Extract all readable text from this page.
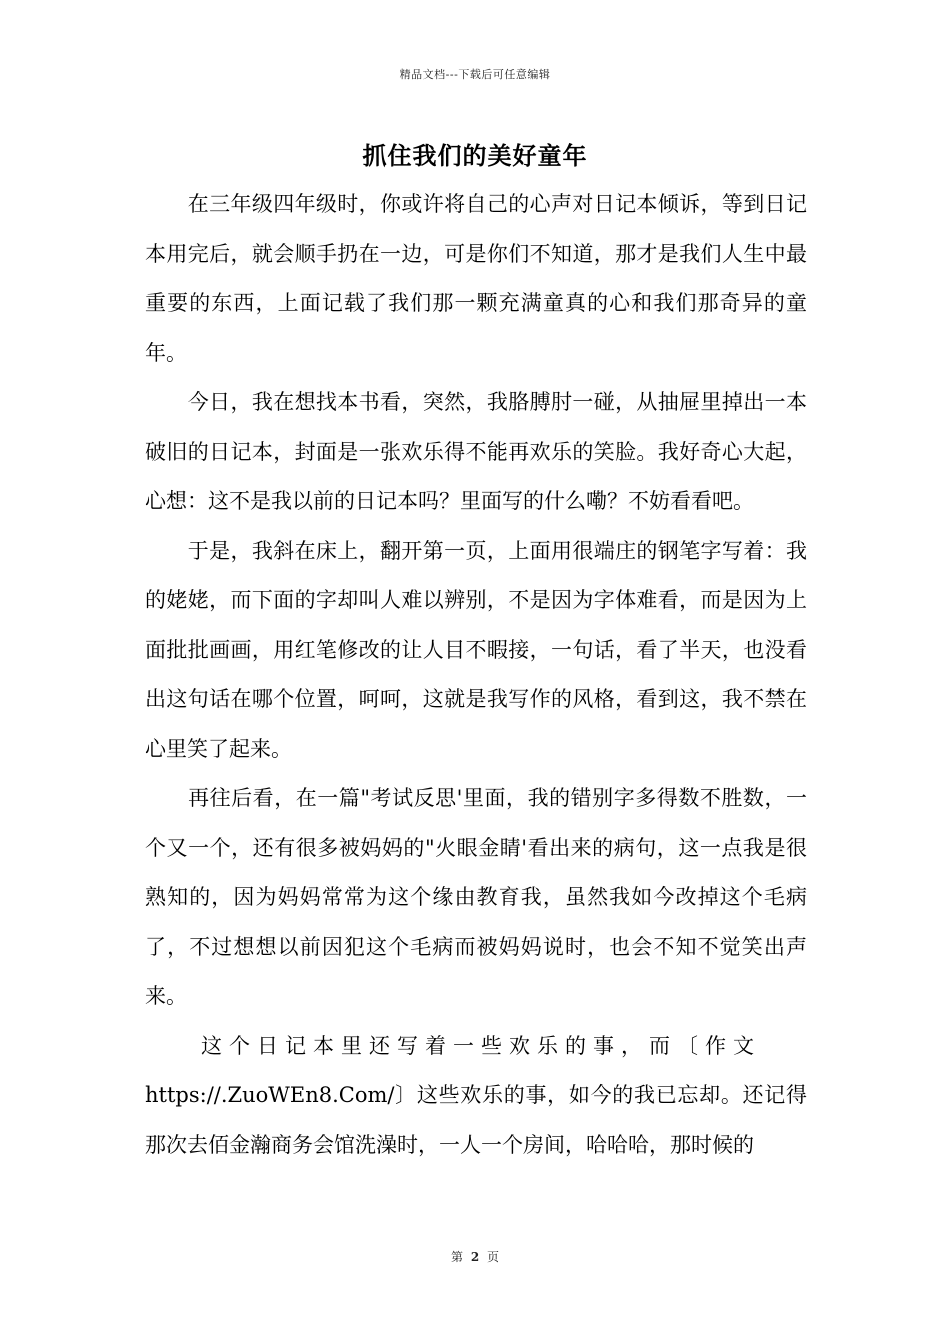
精品文档---下载后可任意编辑
抓住我们的美好童年

　　在三年级四年级时，你或许将自己的心声对日记本倾诉，等到日记本用完后，就会顺手扔在一边，可是你们不知道，那才是我们人生中最重要的东西，上面记载了我们那一颗充满童真的心和我们那奇异的童年。

　　今日，我在想找本书看，突然，我胳膊肘一碰，从抽屉里掉出一本破旧的日记本，封面是一张欢乐得不能再欢乐的笑脸。我好奇心大起，心想：这不是我以前的日记本吗？里面写的什么嘞？不妨看看吧。

　　于是，我斜在床上，翻开第一页，上面用很端庄的钢笔字写着：我的姥姥，而下面的字却叫人难以辨别，不是因为字体难看，而是因为上面批批画画，用红笔修改的让人目不暇接，一句话，看了半天，也没看出这句话在哪个位置，呵呵，这就是我写作的风格，看到这，我不禁在心里笑了起来。

　　再往后看，在一篇"考试反思'里面，我的错别字多得数不胜数，一个又一个，还有很多被妈妈的"火眼金睛'看出来的病句，这一点我是很熟知的，因为妈妈常常为这个缘由教育我，虽然我如今改掉这个毛病了，不过想想以前因犯这个毛病而被妈妈说时，也会不知不觉笑出声来。

　　这个日记本里还写着一些欢乐的事，而〔作文

https://.ZuoWEn8.Com/〕这些欢乐的事，如今的我已忘却。还记得那次去佰金瀚商务会馆洗澡时，一人一个房间，哈哈哈，那时候的

第 2 页
